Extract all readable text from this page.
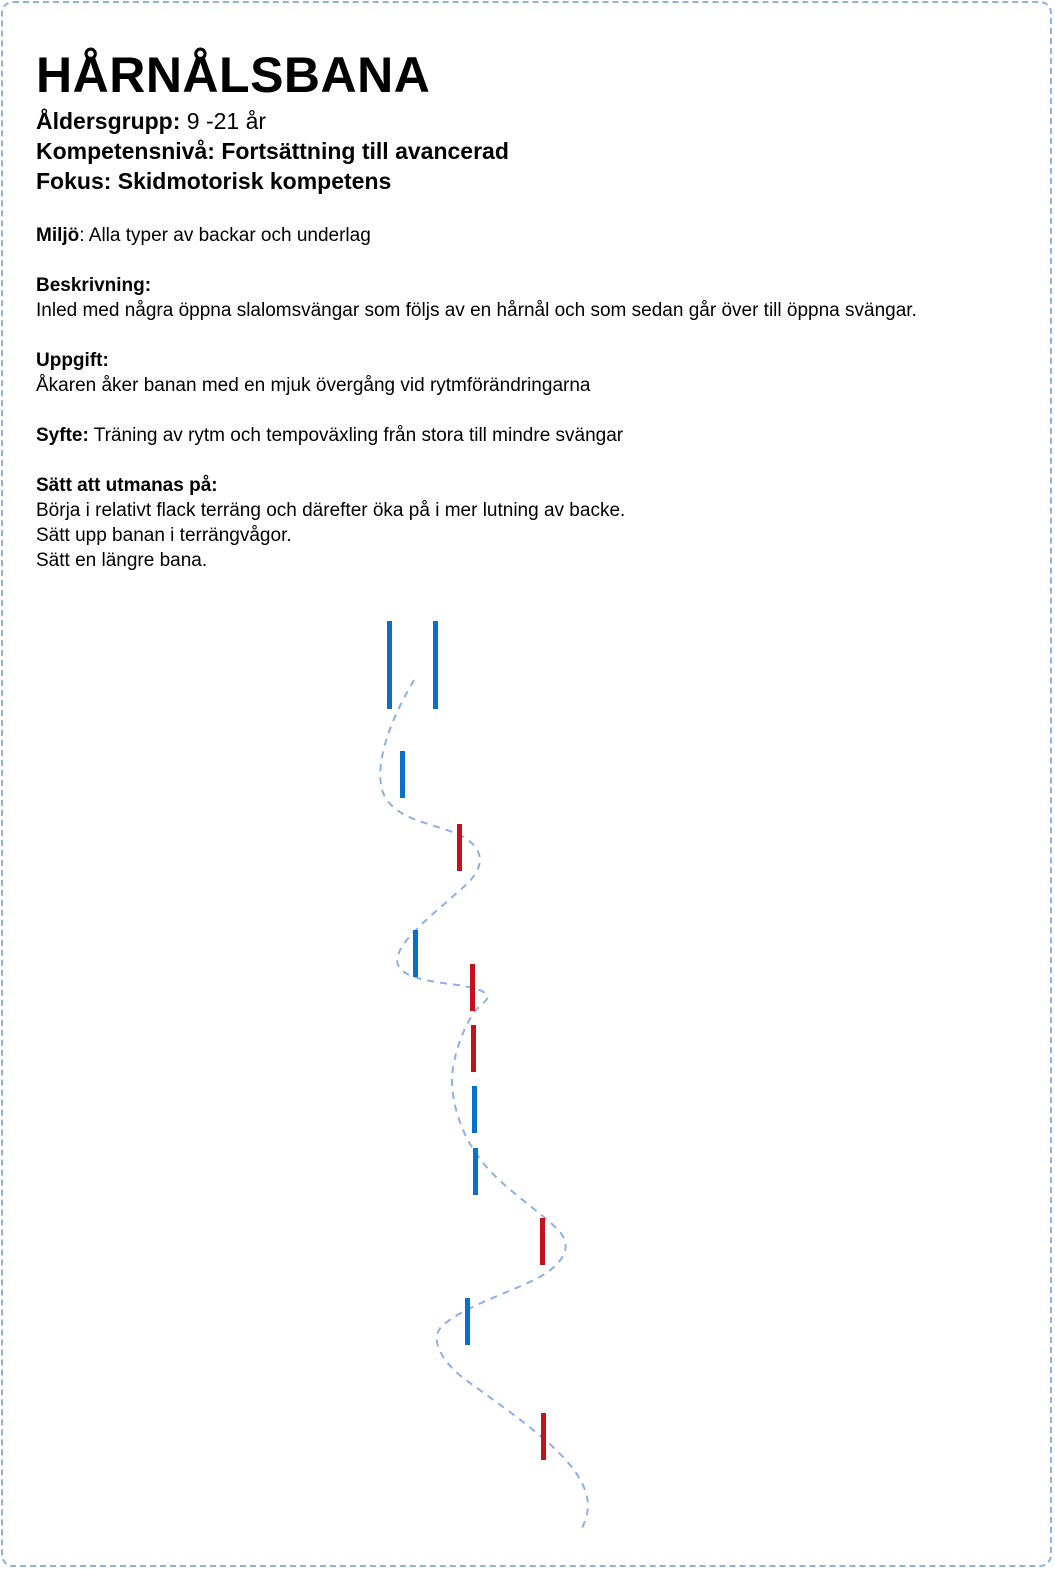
HÅRNÅLSBANA

Åldersgrupp: 9 -21 år

Kompetensnivå: Fortsättning till avancerad

Fokus: Skidmotorisk kompetens

Miljö: Alla typer av backar och underlag

Beskrivning:

Inled med några öppna slalomsvängar som följs av en hårnål och som sedan går över till öppna svängar.

Uppgift:

Åkaren åker banan med en mjuk övergång vid rytmförändringarna

Syfte: Träning av rytm och tempoväxling från stora till mindre svängar

Sätt att utmanas på:

Börja i relativt flack terräng och därefter öka på i mer lutning av backe.

Sätt upp banan i terrängvågor.

Sätt en längre bana.
